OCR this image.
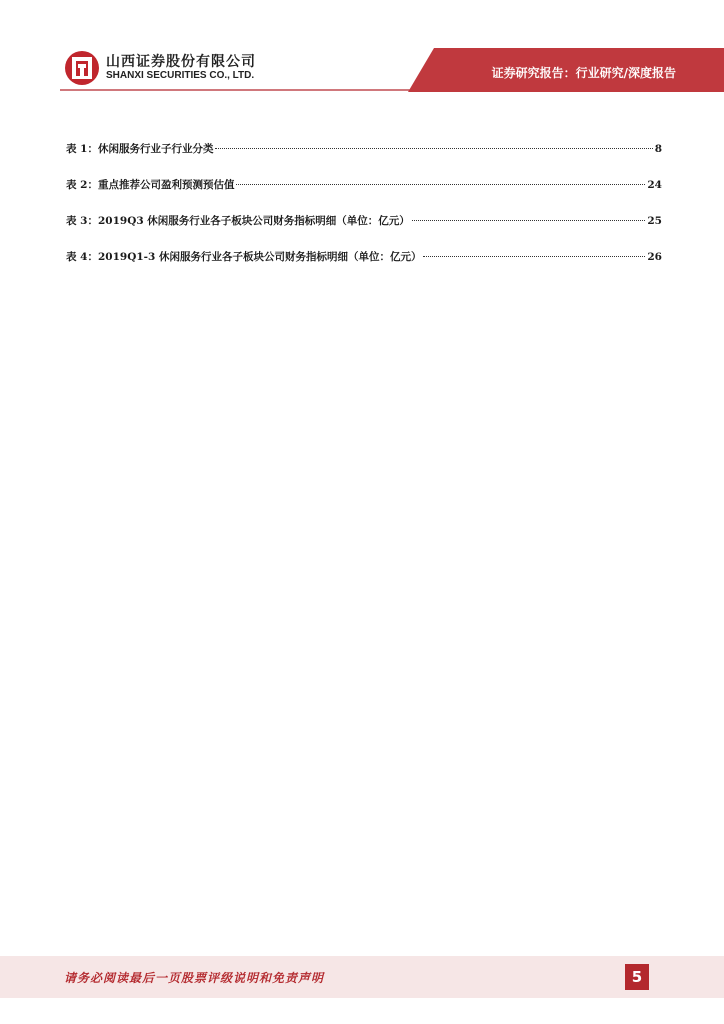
山西证券股份有限公司
SHANXI SECURITIES CO., LTD.	证券研究报告：行业研究/深度报告
表 1： 休闲服务行业子行业分类	8
表 2： 重点推荐公司盈利预测预估值	24
表 3： 2019Q3 休闲服务行业各子板块公司财务指标明细（单位：亿元）	25
表 4： 2019Q1-3 休闲服务行业各子板块公司财务指标明细（单位：亿元）	26
请务必阅读最后一页股票评级说明和免责声明	5
